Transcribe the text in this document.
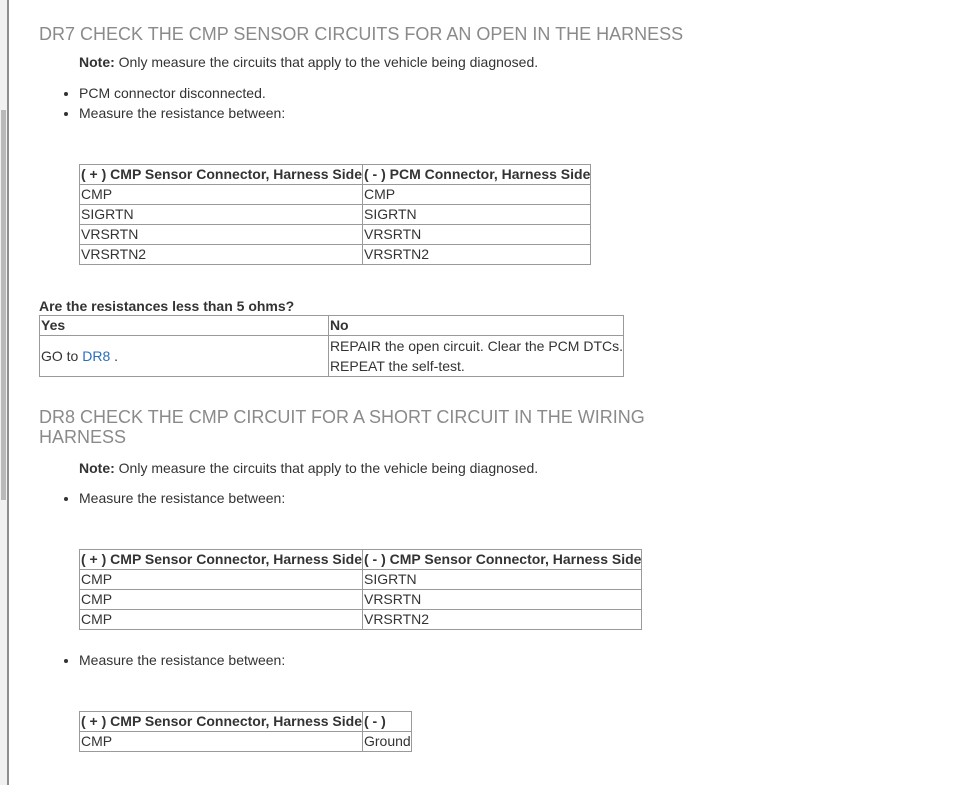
DR7 CHECK THE CMP SENSOR CIRCUITS FOR AN OPEN IN THE HARNESS

Note: Only measure the circuits that apply to the vehicle being diagnosed.

• PCM connector disconnected.
• Measure the resistance between:
( + ) CMP Sensor Connector, Harness Side	( - ) PCM Connector, Harness Side
CMP	CMP
SIGRTN	SIGRTN
VRSRTN	VRSRTN
VRSRTN2	VRSRTN2

Are the resistances less than 5 ohms?

Yes	No
GO to DR8 .	REPAIR the open circuit. Clear the PCM DTCs.
REPEAT the self-test.
DR8 CHECK THE CMP CIRCUIT FOR A SHORT CIRCUIT IN THE WIRING
HARNESS

Note: Only measure the circuits that apply to the vehicle being diagnosed.

• Measure the resistance between:
( + ) CMP Sensor Connector, Harness Side	( - ) CMP Sensor Connector, Harness Side
CMP	SIGRTN
CMP	VRSRTN
CMP	VRSRTN2
• Measure the resistance between:
( + ) CMP Sensor Connector, Harness Side	( - )
CMP	Ground
